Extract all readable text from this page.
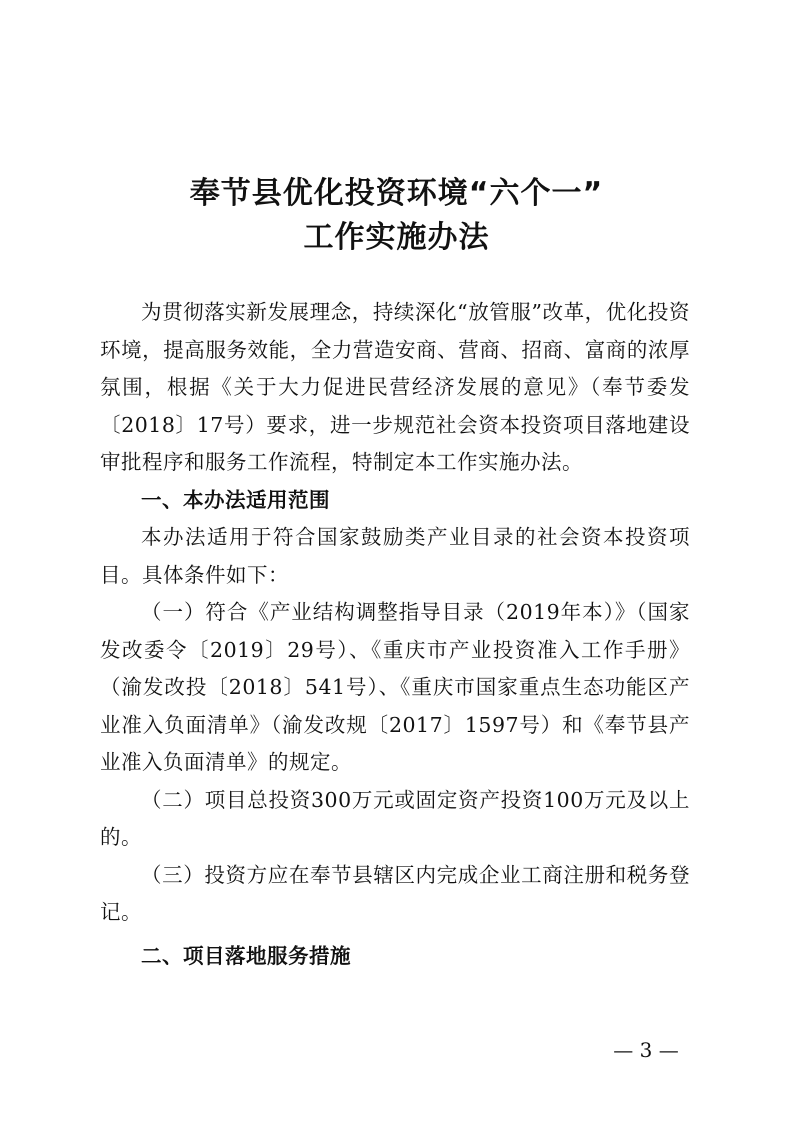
奉节县优化投资环境“六个一”
工作实施办法

为贯彻落实新发展理念，持续深化“放管服”改革，优化投资环境，提高服务效能，全力营造安商、营商、招商、富商的浓厚氛围，根据《关于大力促进民营经济发展的意见》（奉节委发〔2018〕17号）要求，进一步规范社会资本投资项目落地建设审批程序和服务工作流程，特制定本工作实施办法。

一、本办法适用范围

本办法适用于符合国家鼓励类产业目录的社会资本投资项目。具体条件如下：

（一）符合《产业结构调整指导目录（2019年本）》（国家发改委令〔2019〕29号）、《重庆市产业投资准入工作手册》（渝发改投〔2018〕541号）、《重庆市国家重点生态功能区产业准入负面清单》（渝发改规〔2017〕1597号）和《奉节县产业准入负面清单》的规定。

（二）项目总投资300万元或固定资产投资100万元及以上的。

（三）投资方应在奉节县辖区内完成企业工商注册和税务登记。

二、项目落地服务措施

— 3 —
